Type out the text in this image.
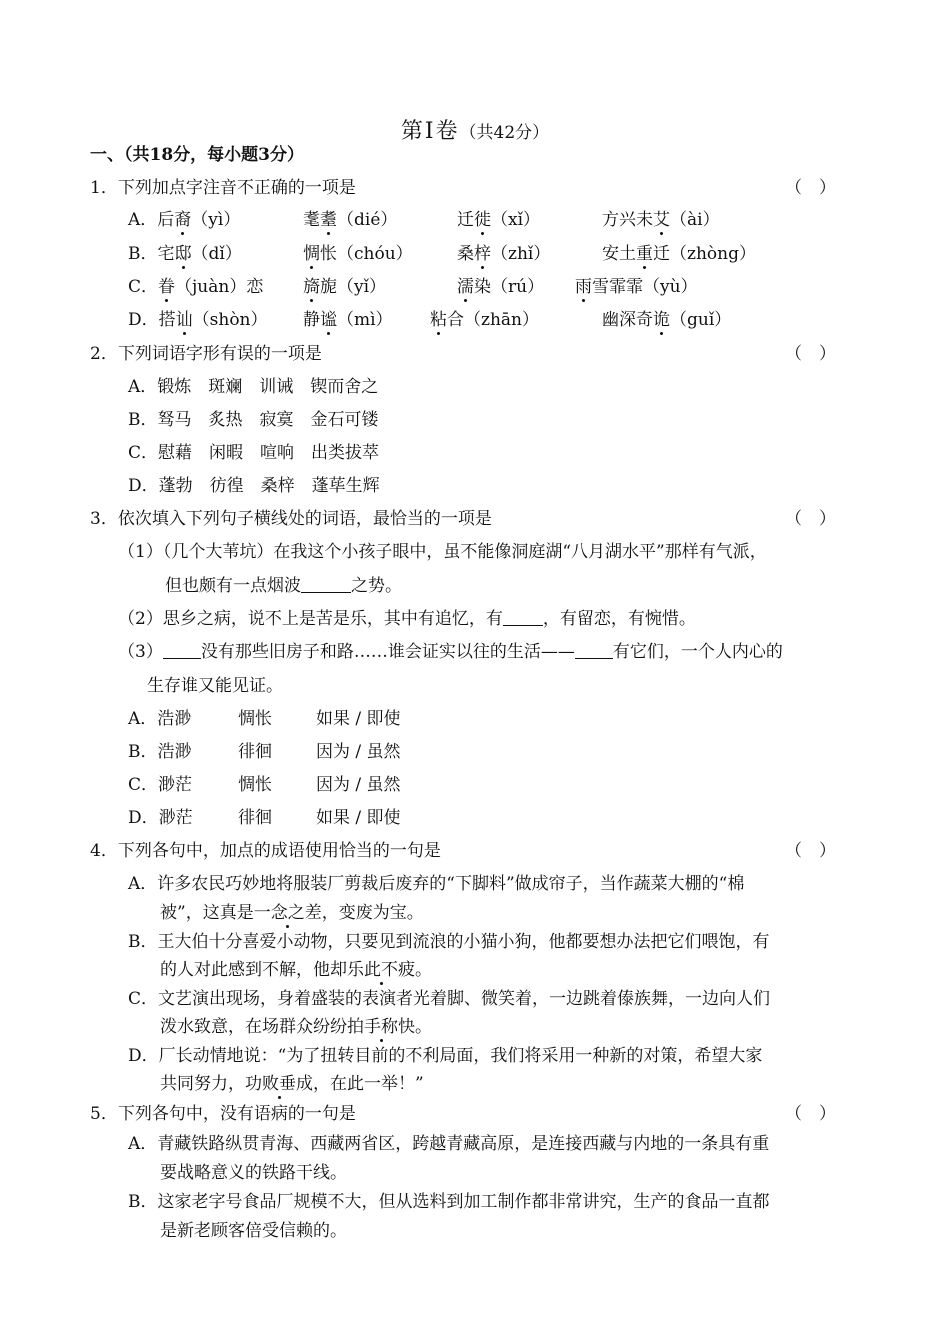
第Ⅰ卷（共42分）
一、（共18分，每小题3分）
1．下列加点字注音不正确的一项是	（　）
A．后裔（yì）	耄耋（dié）	迁徙（xǐ）	方兴未艾（ài）
B．宅邸（dǐ）	惆怅（chóu）	桑梓（zhǐ）	安土重迁（zhòng）
C．眷（juàn）恋 旖旎（yǐ）	濡染（rú） 雨雪霏霏（yù）
D．搭讪（shòn） 静谧（mì） 粘合（zhān）	幽深奇诡（guǐ）
2．下列词语字形有误的一项是	（　）
A．锻炼　斑斓　训诫　锲而舍之
B．驽马　炙热　寂寞　金石可镂
C．慰藉　闲暇　喧响　出类拔萃
D．蓬勃　彷徨　桑梓　蓬荜生辉
3．依次填入下列句子横线处的词语，最恰当的一项是	（　）
（1）（几个大苇坑）在我这个小孩子眼中，虽不能像洞庭湖“八月湖水平”那样有气派，
但也颇有一点烟波	之势。
（2）思乡之病，说不上是苦是乐，其中有追忆，有 ，有留恋，有惋惜。
（3） 没有那些旧房子和路……谁会证实以往的生活—— 有它们，一个人内心的
生存谁又能见证。
A．浩渺	惆怅	如果 / 即使
B．浩渺	徘徊	因为 / 虽然
C．渺茫	惆怅	因为 / 虽然
D．渺茫	徘徊	如果 / 即使
4．下列各句中，加点的成语使用恰当的一句是	（　）
A．许多农民巧妙地将服装厂剪裁后废弃的“下脚料”做成帘子，当作蔬菜大棚的“棉
被”，这真是一念之差，变废为宝。
B．王大伯十分喜爱小动物，只要见到流浪的小猫小狗，他都要想办法把它们喂饱，有
的人对此感到不解，他却乐此不疲。
C．文艺演出现场，身着盛装的表演者光着脚、微笑着，一边跳着傣族舞，一边向人们
泼水致意，在场群众纷纷拍手称快。
D．厂长动情地说：“为了扭转目前的不利局面，我们将采用一种新的对策，希望大家
共同努力，功败垂成，在此一举！”
5．下列各句中，没有语病的一句是	（　）
A．青藏铁路纵贯青海、西藏两省区，跨越青藏高原，是连接西藏与内地的一条具有重
要战略意义的铁路干线。
B．这家老字号食品厂规模不大，但从选料到加工制作都非常讲究，生产的食品一直都
是新老顾客倍受信赖的。
